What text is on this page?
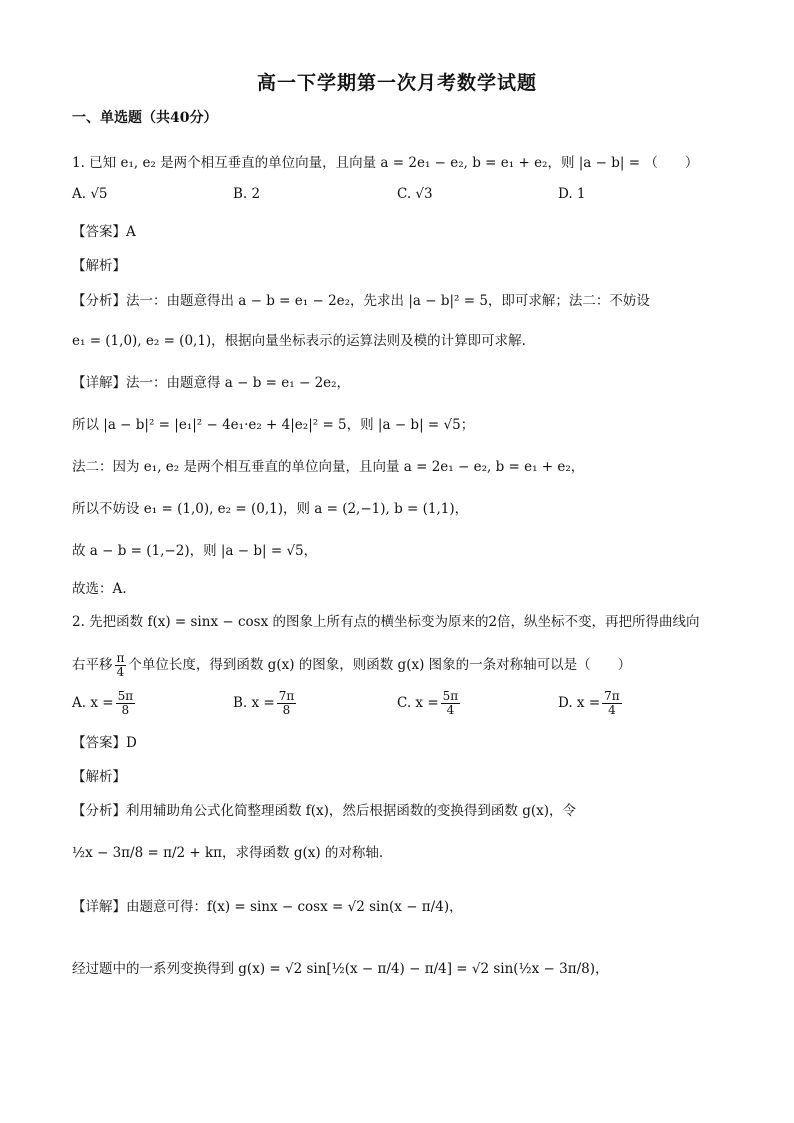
高一下学期第一次月考数学试题
一、单选题（共40分）
1. 已知 e₁, e₂ 是两个相互垂直的单位向量，且向量 a = 2e₁ − e₂, b = e₁ + e₂，则 |a − b| = （　　）
A. √5	B. 2	C. √3	D. 1
【答案】A
【解析】
【分析】法一：由题意得出 a − b = e₁ − 2e₂，先求出 |a − b|² = 5，即可求解；法二：不妨设
e₁ = (1,0), e₂ = (0,1)，根据向量坐标表示的运算法则及模的计算即可求解.
【详解】法一：由题意得 a − b = e₁ − 2e₂，
所以 |a − b|² = |e₁|² − 4e₁·e₂ + 4|e₂|² = 5，则 |a − b| = √5；
法二：因为 e₁, e₂ 是两个相互垂直的单位向量，且向量 a = 2e₁ − e₂, b = e₁ + e₂，
所以不妨设 e₁ = (1,0), e₂ = (0,1)，则 a = (2,−1), b = (1,1)，
故 a − b = (1,−2)，则 |a − b| = √5，
故选：A.
2. 先把函数 f(x) = sinx − cosx 的图象上所有点的横坐标变为原来的2倍，纵坐标不变，再把所得曲线向
右平移 $\frac{\pi}{4}$ 个单位长度，得到函数 g(x) 的图象，则函数 g(x) 图象的一条对称轴可以是（　　）
A. $x = \frac{5\pi}{8}$	B. $x = \frac{7\pi}{8}$	C. $x = \frac{5\pi}{4}$	D. $x = \frac{7\pi}{4}$
【答案】D
【解析】
【分析】利用辅助角公式化简整理函数 f(x)，然后根据函数的变换得到函数 g(x)，令
½x − 3π/8 = π/2 + kπ，求得函数 g(x) 的对称轴.
【详解】由题意可得：f(x) = sinx − cosx = √2 sin(x − π/4)，
经过题中的一系列变换得到 g(x) = √2 sin[½(x − π/4) − π/4] = √2 sin(½x − 3π/8)，
